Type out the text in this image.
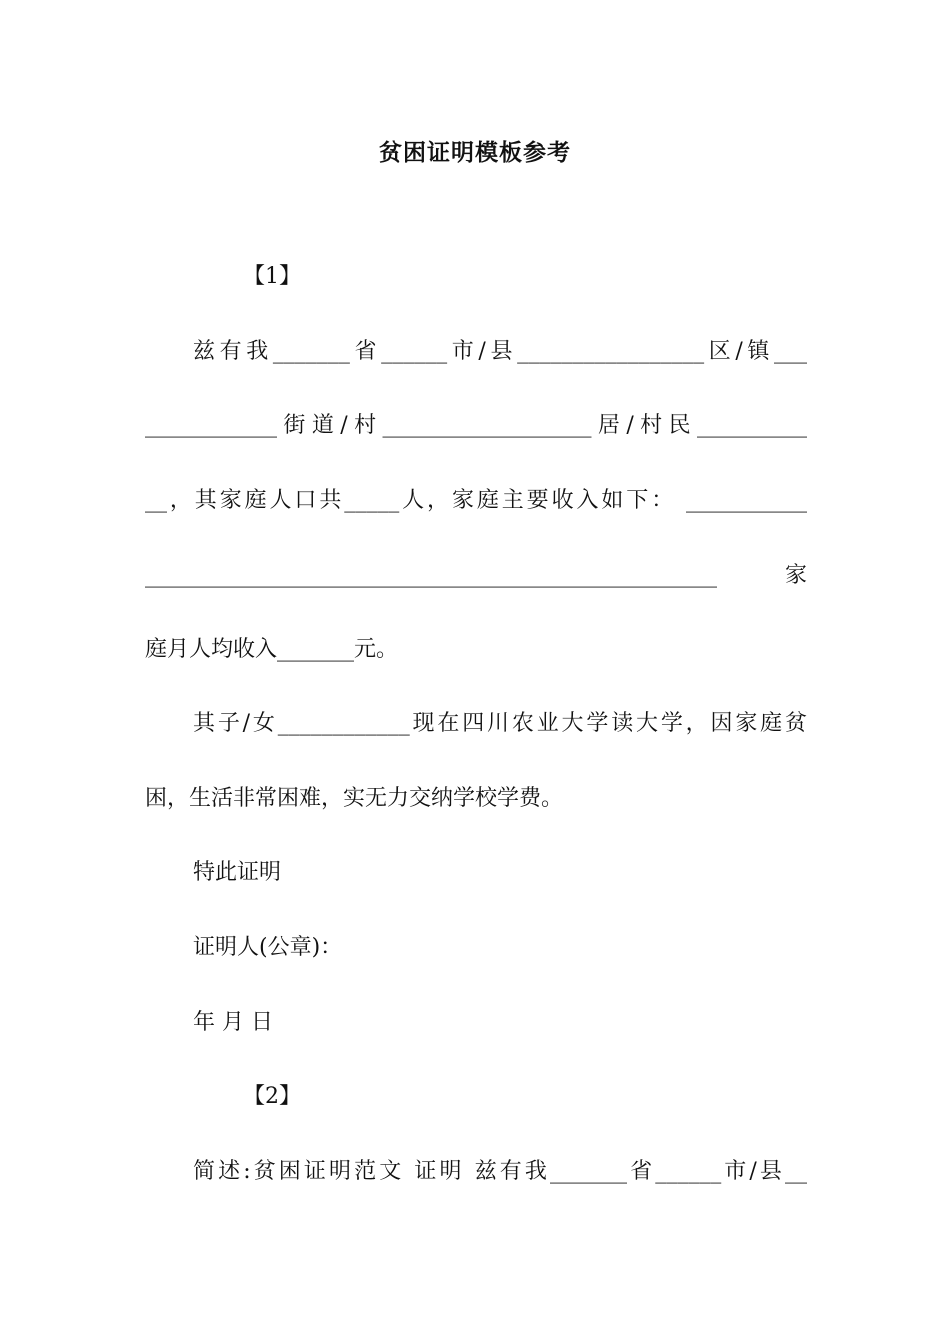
贫困证明模板参考
【1】
兹有我_______省______市/县_________________区/镇___
____________街道/村___________________居/村民__________
__，其家庭人口共_____人，家庭主要收入如下： ___________
____________________________________________________ 家
庭月人均收入_______元。
其子/女____________现在四川农业大学读大学，因家庭贫
困，生活非常困难，实无力交纳学校学费。
特此证明
证明人(公章)：
年 月 日
【2】
简述:贫困证明范文 证明 兹有我_______省______市/县__
